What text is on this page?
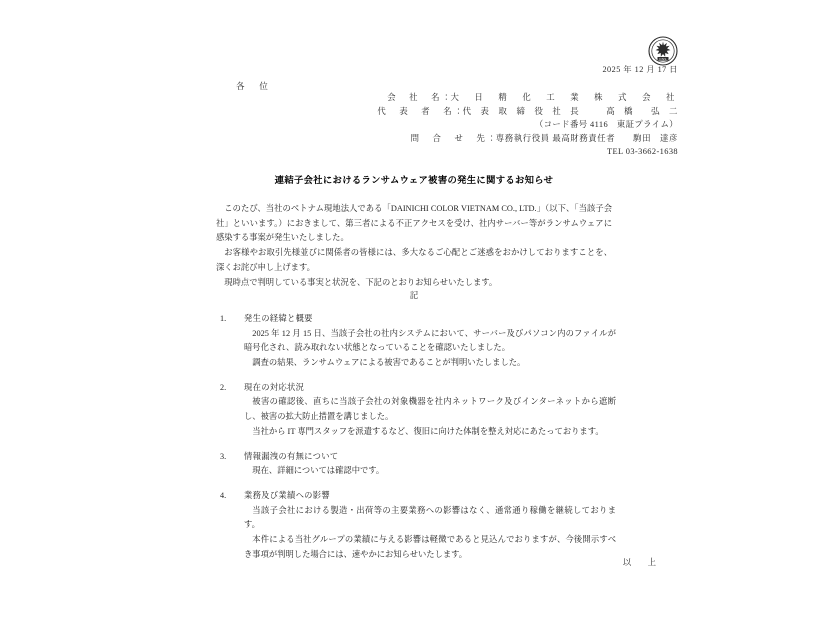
DNS
2025 年 12 月 17 日
各　位
会　社　名：大　日　精　化　工　業　株　式　会　社
代　表　者　名：代　表　取　締　役　社　長　　　髙　橋　　弘　二
（コード番号 4116　東証プライム）
問　合　せ　先：専務執行役員 最高財務責任者　　駒田　達彦
TEL 03-3662-1638
連結子会社におけるランサムウェア被害の発生に関するお知らせ

このたび、当社のベトナム現地法人である「DAINICHI COLOR VIETNAM CO., LTD.」（以下、「当該子会社」といいます。）におきまして、第三者による不正アクセスを受け、社内サーバー等がランサムウェアに感染する事案が発生いたしました。

お客様やお取引先様並びに関係者の皆様には、多大なるご心配とご迷惑をおかけしておりますことを、深くお詫び申し上げます。

現時点で判明している事実と状況を、下記のとおりお知らせいたします。

記
1.	発生の経緯と概要

2025 年 12 月 15 日、当該子会社の社内システムにおいて、サーバー及びパソコン内のファイルが暗号化され、読み取れない状態となっていることを確認いたしました。

調査の結果、ランサムウェアによる被害であることが判明いたしました。

2.	現在の対応状況

被害の確認後、直ちに当該子会社の対象機器を社内ネットワーク及びインターネットから遮断し、被害の拡大防止措置を講じました。

当社から IT 専門スタッフを派遣するなど、復旧に向けた体制を整え対応にあたっております。

3.	情報漏洩の有無について

現在、詳細については確認中です。

4.	業務及び業績への影響

当該子会社における製造・出荷等の主要業務への影響はなく、通常通り稼働を継続しております。

本件による当社グループの業績に与える影響は軽微であると見込んでおりますが、今後開示すべき事項が判明した場合には、速やかにお知らせいたします。

以　上
